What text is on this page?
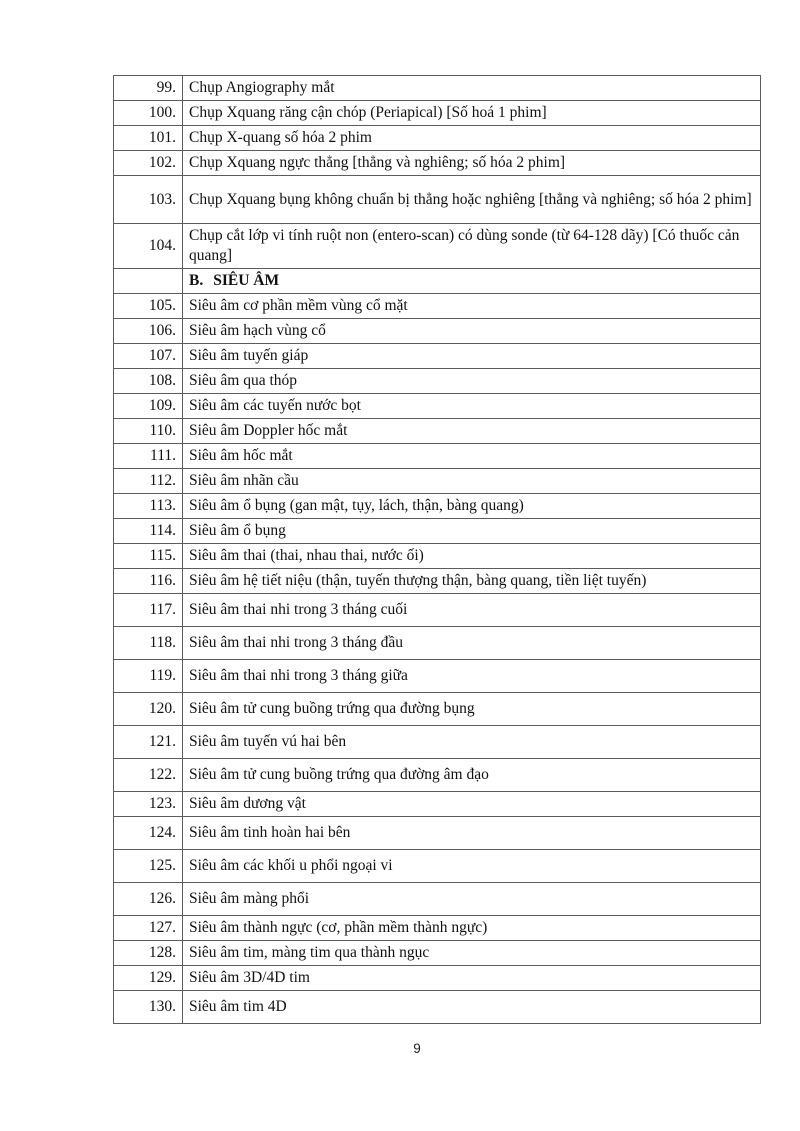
99.	Chụp Angiography mắt
100.	Chụp Xquang răng cận chóp (Periapical) [Số hoá 1 phim]
101.	Chụp X-quang số hóa 2 phim
102.	Chụp Xquang ngực thẳng [thẳng và nghiêng; số hóa 2 phim]
103.	Chụp Xquang bụng không chuẩn bị thẳng hoặc nghiêng [thẳng và nghiêng; số hóa 2 phim]
104.	Chụp cắt lớp vi tính ruột non (entero-scan) có dùng sonde (từ 64-128 dãy) [Có thuốc cản quang]
	B. SIÊU ÂM
105.	Siêu âm cơ phần mềm vùng cổ mặt
106.	Siêu âm hạch vùng cổ
107.	Siêu âm tuyến giáp
108.	Siêu âm qua thóp
109.	Siêu âm các tuyến nước bọt
110.	Siêu âm Doppler hốc mắt
111.	Siêu âm hốc mắt
112.	Siêu âm nhãn cầu
113.	Siêu âm ổ bụng (gan mật, tụy, lách, thận, bàng quang)
114.	Siêu âm ổ bụng
115.	Siêu âm thai (thai, nhau thai, nước ối)
116.	Siêu âm hệ tiết niệu (thận, tuyến thượng thận, bàng quang, tiền liệt tuyến)
117.	Siêu âm thai nhi trong 3 tháng cuối
118.	Siêu âm thai nhi trong 3 tháng đầu
119.	Siêu âm thai nhi trong 3 tháng giữa
120.	Siêu âm tử cung buồng trứng qua đường bụng
121.	Siêu âm tuyến vú hai bên
122.	Siêu âm tử cung buồng trứng qua đường âm đạo
123.	Siêu âm dương vật
124.	Siêu âm tinh hoàn hai bên
125.	Siêu âm các khối u phổi ngoại vi
126.	Siêu âm màng phổi
127.	Siêu âm thành ngực (cơ, phần mềm thành ngực)
128.	Siêu âm tim, màng tim qua thành ngục
129.	Siêu âm 3D/4D tim
130.	Siêu âm tim 4D
9
